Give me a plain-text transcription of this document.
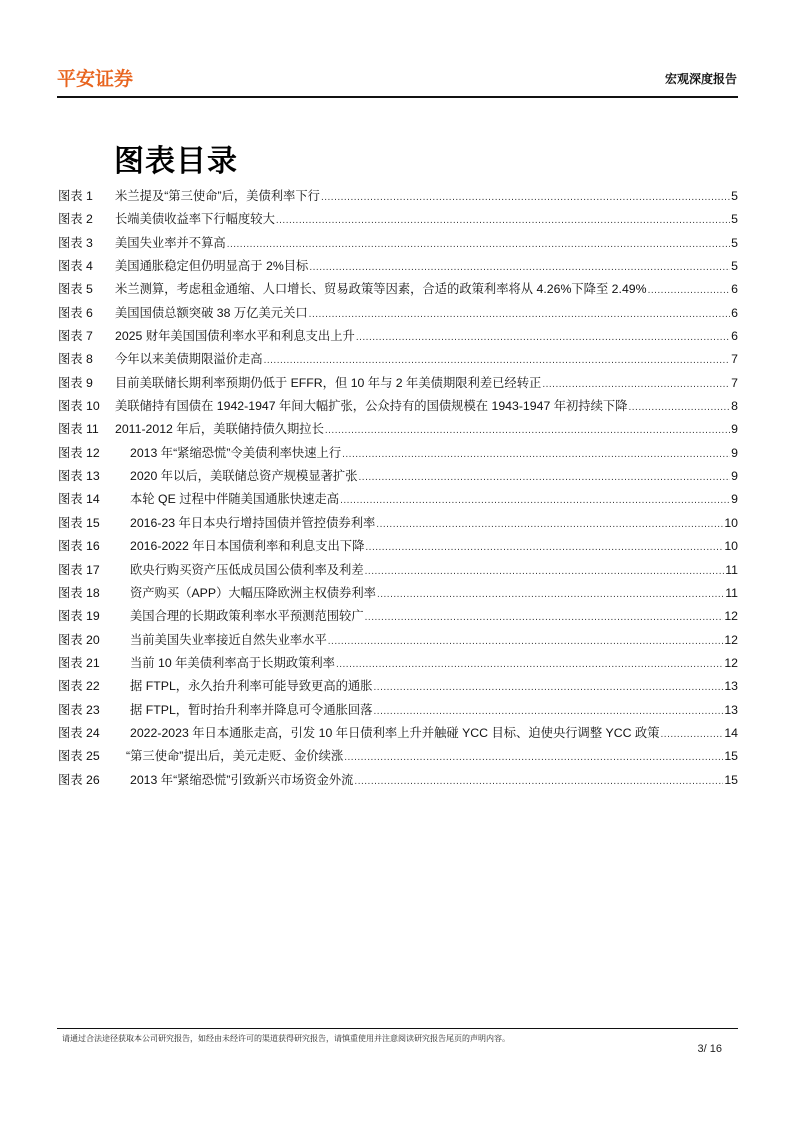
平安证券	宏观深度报告
图表目录
图表 1	米兰提及“第三使命”后，美债利率下行 .....	5
图表 2	长端美债收益率下行幅度较大 .....	5
图表 3	美国失业率并不算高 .....	5
图表 4	美国通胀稳定但仍明显高于 2%目标 .....	5
图表 5	米兰测算，考虑租金通缩、人口增长、贸易政策等因素，合适的政策利率将从 4.26%下降至 2.49% .....	6
图表 6	美国国债总额突破 38 万亿美元关口 .....	6
图表 7	2025 财年美国国债利率水平和利息支出上升 .....	6
图表 8	今年以来美债期限溢价走高 .....	7
图表 9	目前美联储长期利率预期仍低于 EFFR，但 10 年与 2 年美债期限利差已经转正 .....	7
图表 10	美联储持有国债在 1942-1947 年间大幅扩张，公众持有的国债规模在 1943-1947 年初持续下降 .....	8
图表 11	2011-2012 年后，美联储持债久期拉长 .....	9
图表 12	2013 年“紧缩恐慌”令美债利率快速上行 .....	9
图表 13	2020 年以后，美联储总资产规模显著扩张 .....	9
图表 14	本轮 QE 过程中伴随美国通胀快速走高 .....	9
图表 15	2016-23 年日本央行增持国债并管控债券利率 .....	10
图表 16	2016-2022 年日本国债利率和利息支出下降 .....	10
图表 17	欧央行购买资产压低成员国公债利率及利差 .....	11
图表 18	资产购买（APP）大幅压降欧洲主权债券利率 .....	11
图表 19	美国合理的长期政策利率水平预测范围较广 .....	12
图表 20	当前美国失业率接近自然失业率水平 .....	12
图表 21	当前 10 年美债利率高于长期政策利率 .....	12
图表 22	据 FTPL，永久抬升利率可能导致更高的通胀 .....	13
图表 23	据 FTPL，暂时抬升利率并降息可令通胀回落 .....	13
图表 24	2022-2023 年日本通胀走高，引发 10 年日债利率上升并触碰 YCC 目标、迫使央行调整 YCC 政策 .....	14
图表 25	“第三使命”提出后，美元走贬、金价续涨 .....	15
图表 26	2013 年“紧缩恐慌”引致新兴市场资金外流 .....	15
请通过合法途径获取本公司研究报告，如经由未经许可的渠道获得研究报告，请慎重使用并注意阅读研究报告尾页的声明内容。
3/ 16
